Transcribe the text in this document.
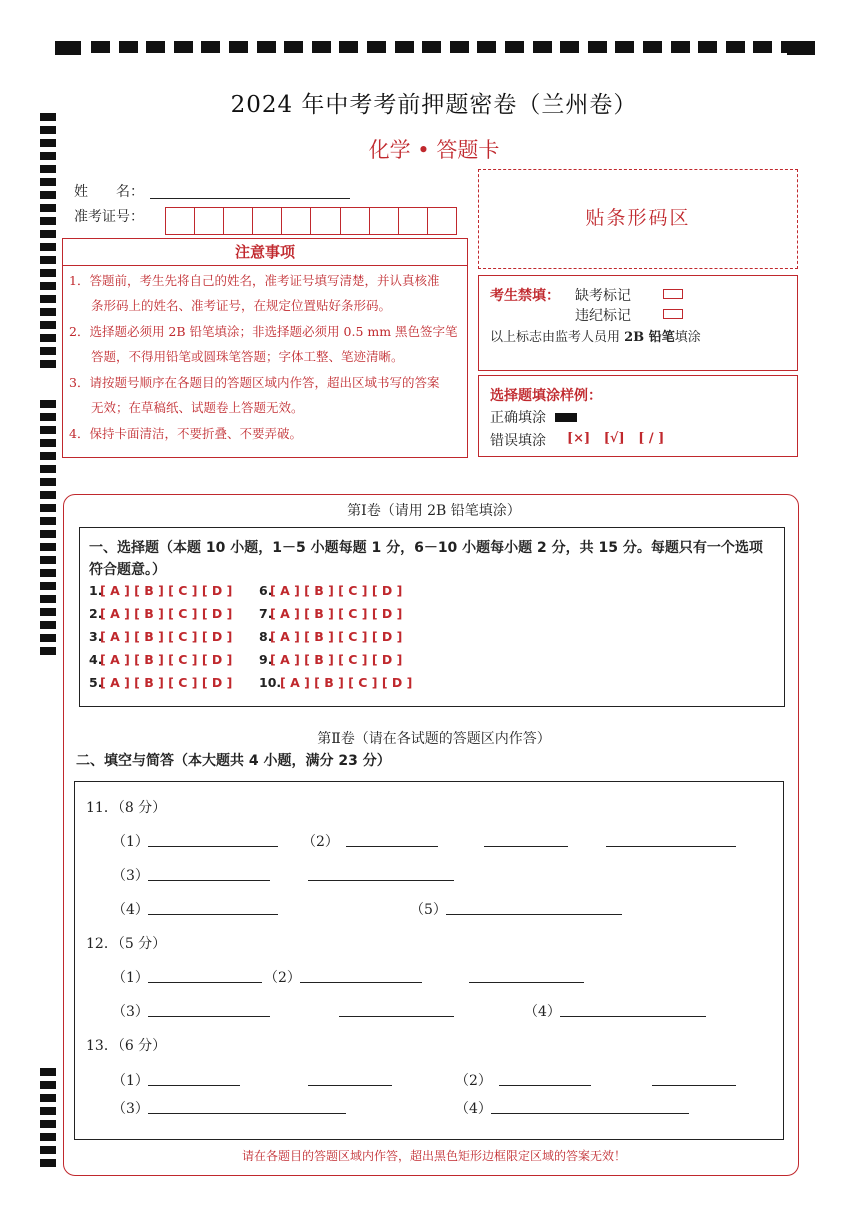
2024 年中考考前押题密卷（兰州卷）
化学 • 答题卡
姓　　名：
准考证号：	贴条形码区
注意事项
1．答题前，考生先将自己的姓名，准考证号填写清楚，并认真核准
条形码上的姓名、准考证号，在规定位置贴好条形码。
2．选择题必须用 2B 铅笔填涂；非选择题必须用 0.5 mm 黑色签字笔
答题，不得用铅笔或圆珠笔答题；字体工整、笔迹清晰。
3．请按题号顺序在各题目的答题区域内作答，超出区域书写的答案
无效；在草稿纸、试题卷上答题无效。
4．保持卡面清洁，不要折叠、不要弄破。
考生禁填： 缺考标记
违纪标记
以上标志由监考人员用 2B 铅笔填涂
选择题填涂样例：
正确填涂
错误填涂 [×]   [√]   [ / ]
第Ⅰ卷（请用 2B 铅笔填涂）
一、选择题（本题 10 小题，1－5 小题每题 1 分，6－10 小题每小题 2 分，共 15 分。每题只有一个选项
符合题意。）
1.
[ A ] [ B ] [ C ] [ D ]
2.
[ A ] [ B ] [ C ] [ D ]
3.
[ A ] [ B ] [ C ] [ D ]
4.
[ A ] [ B ] [ C ] [ D ]
5.
[ A ] [ B ] [ C ] [ D ]
6.
[ A ] [ B ] [ C ] [ D ]
7.
[ A ] [ B ] [ C ] [ D ]
8.
[ A ] [ B ] [ C ] [ D ]
9.
[ A ] [ B ] [ C ] [ D ]
10.
[ A ] [ B ] [ C ] [ D ]
第Ⅱ卷（请在各试题的答题区内作答）
二、填空与简答（本大题共 4 小题，满分 23 分）
11．（8 分）
（1）	（2）
（3）
（4）	（5）
12．（5 分）
（1）	（2）
（3）	（4）
13．（6 分）
（1）	（2）
（3）	（4）
请在各题目的答题区域内作答，超出黑色矩形边框限定区域的答案无效！
